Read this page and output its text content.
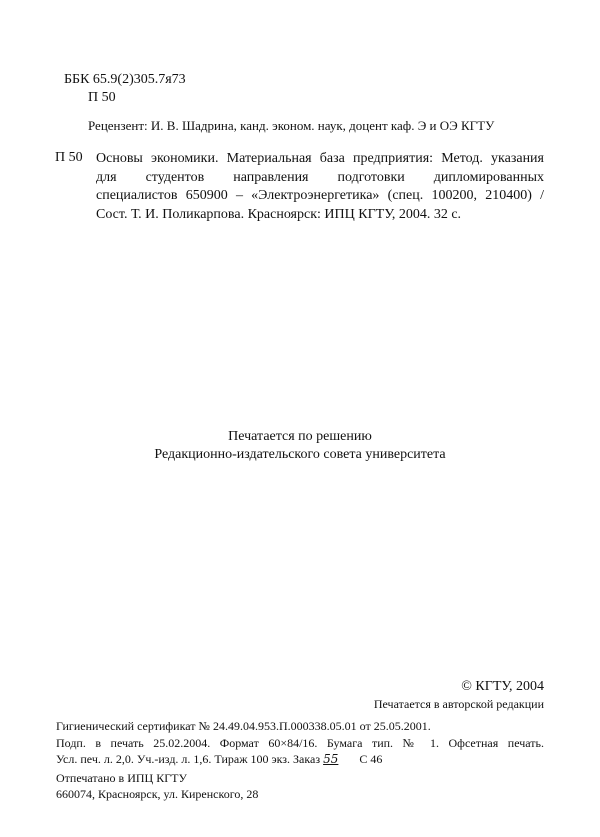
ББК 65.9(2)305.7я73
П 50
Рецензент: И. В. Шадрина, канд. эконом. наук, доцент каф. Э и ОЭ КГТУ
П 50 Основы экономики. Материальная база предприятия: Метод. указания
для студентов направления подготовки дипломированных
специалистов 650900 – «Электроэнергетика» (спец. 100200, 210400) /
Сост. Т. И. Поликарпова. Красноярск: ИПЦ КГТУ, 2004. 32 с.
Печатается по решению
Редакционно-издательского совета университета
© КГТУ, 2004
Печатается в авторской редакции
Гигиенический сертификат № 24.49.04.953.П.000338.05.01 от 25.05.2001.
Подп. в печать 25.02.2004. Формат 60×84/16. Бумага тип. № 1. Офсетная печать.
Усл. печ. л. 2,0. Уч.-изд. л. 1,6. Тираж 100 экз. Заказ 55 С 46
Отпечатано в ИПЦ КГТУ
660074, Красноярск, ул. Киренского, 28
